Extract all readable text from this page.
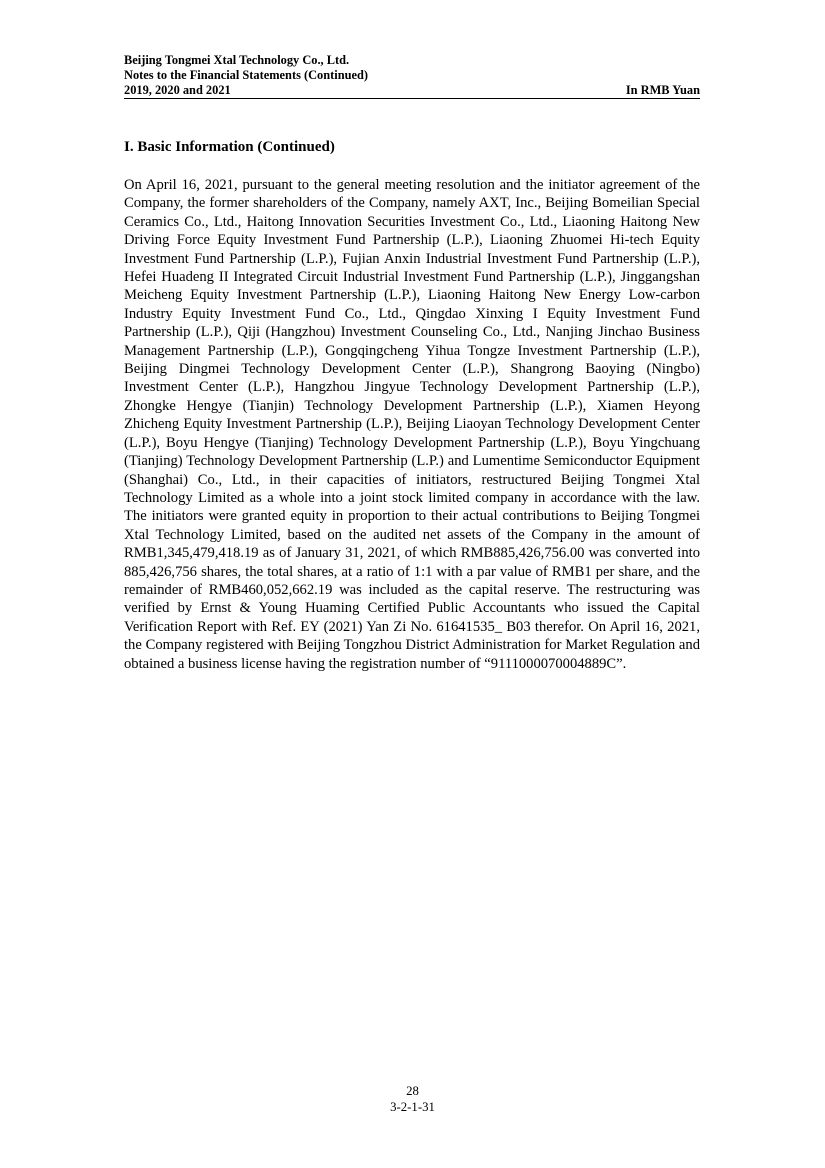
Beijing Tongmei Xtal Technology Co., Ltd.
Notes to the Financial Statements (Continued)
2019, 2020 and 2021	In RMB Yuan
I. Basic Information (Continued)

On April 16, 2021, pursuant to the general meeting resolution and the initiator agreement of the Company, the former shareholders of the Company, namely AXT, Inc., Beijing Bomeilian Special Ceramics Co., Ltd., Haitong Innovation Securities Investment Co., Ltd., Liaoning Haitong New Driving Force Equity Investment Fund Partnership (L.P.), Liaoning Zhuomei Hi-tech Equity Investment Fund Partnership (L.P.), Fujian Anxin Industrial Investment Fund Partnership (L.P.), Hefei Huadeng II Integrated Circuit Industrial Investment Fund Partnership (L.P.), Jinggangshan Meicheng Equity Investment Partnership (L.P.), Liaoning Haitong New Energy Low-carbon Industry Equity Investment Fund Co., Ltd., Qingdao Xinxing I Equity Investment Fund Partnership (L.P.), Qiji (Hangzhou) Investment Counseling Co., Ltd., Nanjing Jinchao Business Management Partnership (L.P.), Gongqingcheng Yihua Tongze Investment Partnership (L.P.), Beijing Dingmei Technology Development Center (L.P.), Shangrong Baoying (Ningbo) Investment Center (L.P.), Hangzhou Jingyue Technology Development Partnership (L.P.), Zhongke Hengye (Tianjin) Technology Development Partnership (L.P.), Xiamen Heyong Zhicheng Equity Investment Partnership (L.P.), Beijing Liaoyan Technology Development Center (L.P.), Boyu Hengye (Tianjing) Technology Development Partnership (L.P.), Boyu Yingchuang (Tianjing) Technology Development Partnership (L.P.) and Lumentime Semiconductor Equipment (Shanghai) Co., Ltd., in their capacities of initiators, restructured Beijing Tongmei Xtal Technology Limited as a whole into a joint stock limited company in accordance with the law. The initiators were granted equity in proportion to their actual contributions to Beijing Tongmei Xtal Technology Limited, based on the audited net assets of the Company in the amount of RMB1,345,479,418.19 as of January 31, 2021, of which RMB885,426,756.00 was converted into 885,426,756 shares, the total shares, at a ratio of 1:1 with a par value of RMB1 per share, and the remainder of RMB460,052,662.19 was included as the capital reserve. The restructuring was verified by Ernst & Young Huaming Certified Public Accountants who issued the Capital Verification Report with Ref. EY (2021) Yan Zi No. 61641535_ B03 therefor. On April 16, 2021, the Company registered with Beijing Tongzhou District Administration for Market Regulation and obtained a business license having the registration number of “9111000070004889C”.

28
3-2-1-31
